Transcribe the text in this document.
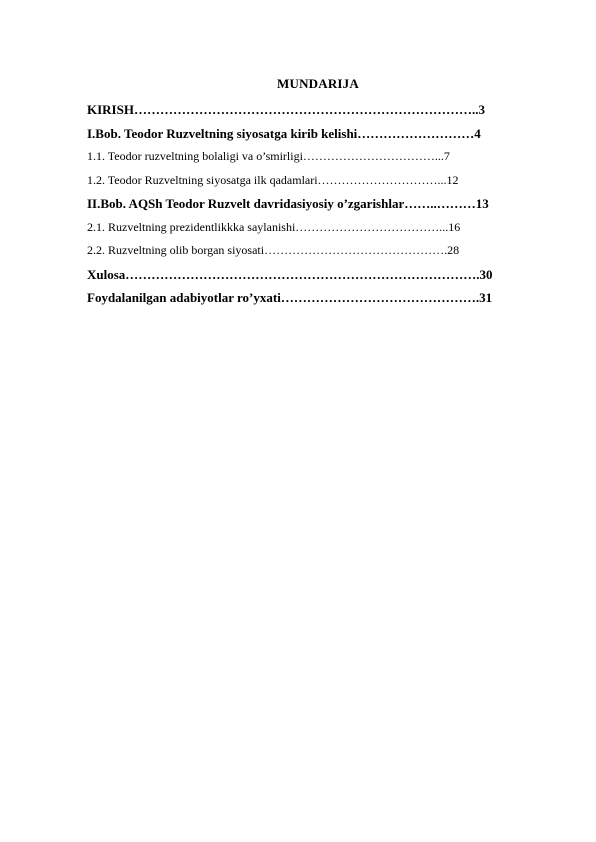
MUNDARIJA
KIRISH……………………………………………………………………..3
I.Bob. Teodor Ruzveltning siyosatga kirib kelishi………………………4
1.1. Teodor ruzveltning bolaligi va o’smirligi……………………………...7
1.2. Teodor Ruzveltning siyosatga ilk qadamlari…………………………...12
II.Bob. AQSh Teodor Ruzvelt davridasiyosiy o’zgarishlar……..………13
2.1. Ruzveltning prezidentlikkka saylanishi………………………………...16
2.2. Ruzveltning olib borgan siyosati……………………………………….28
Xulosa……………………………………………………………………….30
Foydalanilgan adabiyotlar ro’yxati……………………………………….31
